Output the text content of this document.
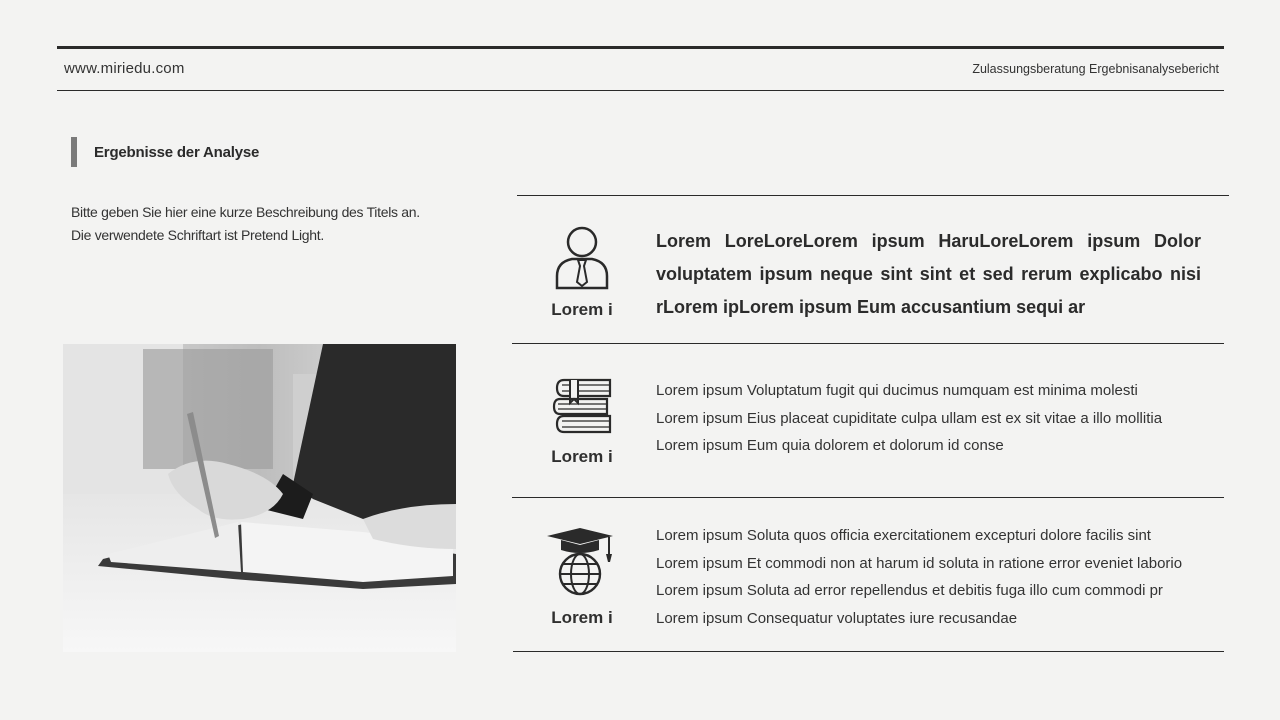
www.miriedu.com	Zulassungsberatung Ergebnisanalysebericht
Ergebnisse der Analyse
Bitte geben Sie hier eine kurze Beschreibung des Titels an.
Die verwendete Schriftart ist Pretend Light.
Lorem i
Lorem LoreLoreLorem ipsum HaruLoreLorem ipsum Dolor voluptatem ipsum neque sint sint et sed rerum explicabo nisi rLorem ipLorem ipsum Eum accusantium sequi ar
Lorem i

Lorem ipsum Voluptatum fugit qui ducimus numquam est minima molesti

Lorem ipsum Eius placeat cupiditate culpa ullam est ex sit vitae a illo mollitia

Lorem ipsum Eum quia dolorem et dolorum id conse

Lorem i

Lorem ipsum Soluta quos officia exercitationem excepturi dolore facilis sint

Lorem ipsum Et commodi non at harum id soluta in ratione error eveniet laborio

Lorem ipsum Soluta ad error repellendus et debitis fuga illo cum commodi pr

Lorem ipsum Consequatur voluptates iure recusandae
